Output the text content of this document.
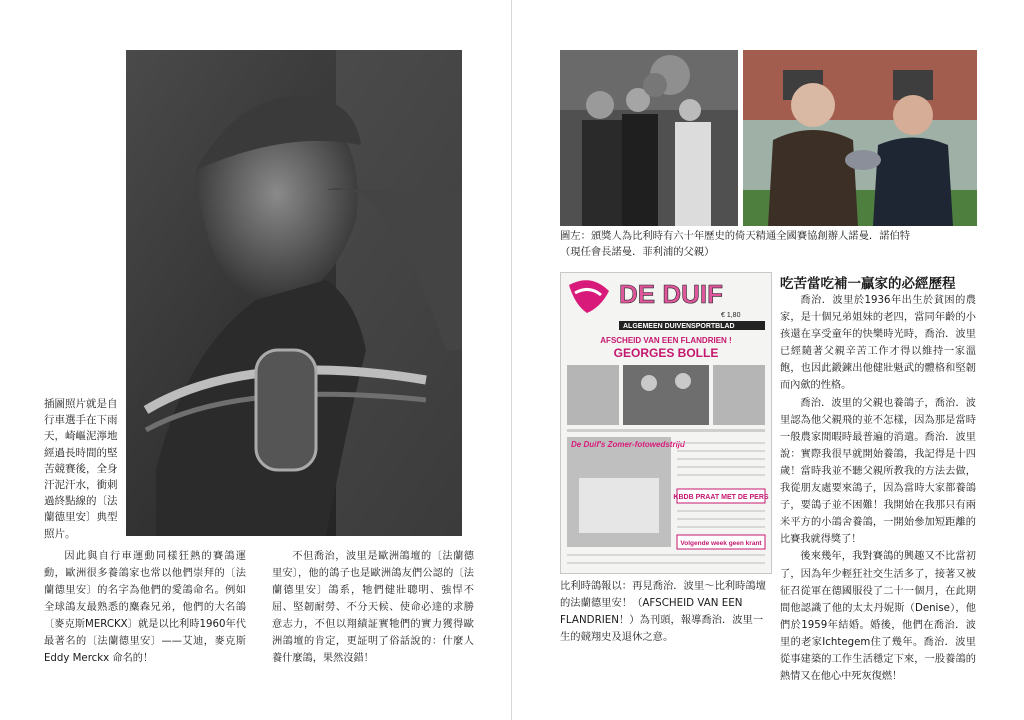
插圖照片就是自行車選手在下雨天，崎嶇泥濘地經過長時間的堅苦競賽後，全身汗泥汗水，衝刺過終點線的〔法蘭德里安〕典型照片。

因此與自行車運動同樣狂熱的賽鴿運動，歐洲很多養鴿家也常以他們崇拜的〔法蘭德里安〕的名字為他們的愛鴿命名。例如全球鴿友最熟悉的麋森兄弟，他們的大名鴿〔麥克斯MERCKX〕就是以比利時1960年代最著名的〔法蘭德里安〕——艾迪，麥克斯Eddy Merckx 命名的！

不但喬治，波里是歐洲鴿壇的〔法蘭德里安〕，他的鴿子也是歐洲鴿友們公認的〔法蘭德里安〕鴿系，牠們健壯聰明、強悍不屈、堅韌耐勞、不分天候、使命必達的求勝意志力，不但以翔績証實牠們的實力獲得歐洲鴿壇的肯定，更証明了俗話說的：什麼人養什麼鴿，果然沒錯！

圖左：頒獎人為比利時有六十年歷史的倚天精通全國賽協創辦人諾曼．諾伯特
（現任會長諾曼．菲利浦的父親）
DE DUIF
€ 1,80
ALGEMEEN DUIVENSPORTBLAD
AFSCHEID VAN EEN FLANDRIEN !
GEORGES BOLLE
De Duif's Zomer-fotowedstrijd
KBDB PRAAT MET DE PERS
Volgende week geen krant
比利時鴿報以：再見喬治．波里～比利時鴿壇的法蘭德里安！（AFSCHEID VAN EEN FLANDRIEN！）為刊頭，報導喬治．波里一生的競翔史及退休之意。
吃苦當吃補一贏家的必經歷程

喬治．波里於1936年出生於貧困的農家，是十個兄弟姐妹的老四，當同年齡的小孩還在享受童年的快樂時光時，喬治．波里已經隨著父親辛苦工作才得以維持一家溫飽，也因此鍛鍊出他健壯魁武的體格和堅韌而內歛的性格。

喬治．波里的父親也養鴿子，喬治．波里認為他父親飛的並不怎樣，因為那是當時一般農家閒暇時最普遍的消遣。喬治．波里說：實際我很早就開始養鴿，我記得是十四歲！當時我並不聽父親所教我的方法去做，我從朋友處要來鴿子，因為當時大家都養鴿子，要鴿子並不困難！我開始在我那只有兩米平方的小鴿舍養鴿，一開始參加短距離的比賽我就得獎了！

後來幾年，我對賽鴿的興趣又不比當初了，因為年少輕狂社交生活多了，接著又被征召從軍在德國服役了二十一個月，在此期間他認識了他的太太丹妮斯（Denise），他們於1959年結婚。婚後，他們在喬治．波里的老家Ichtegem住了幾年。喬治．波里從事建築的工作生活穩定下來，一股養鴿的熱情又在他心中死灰復燃！
